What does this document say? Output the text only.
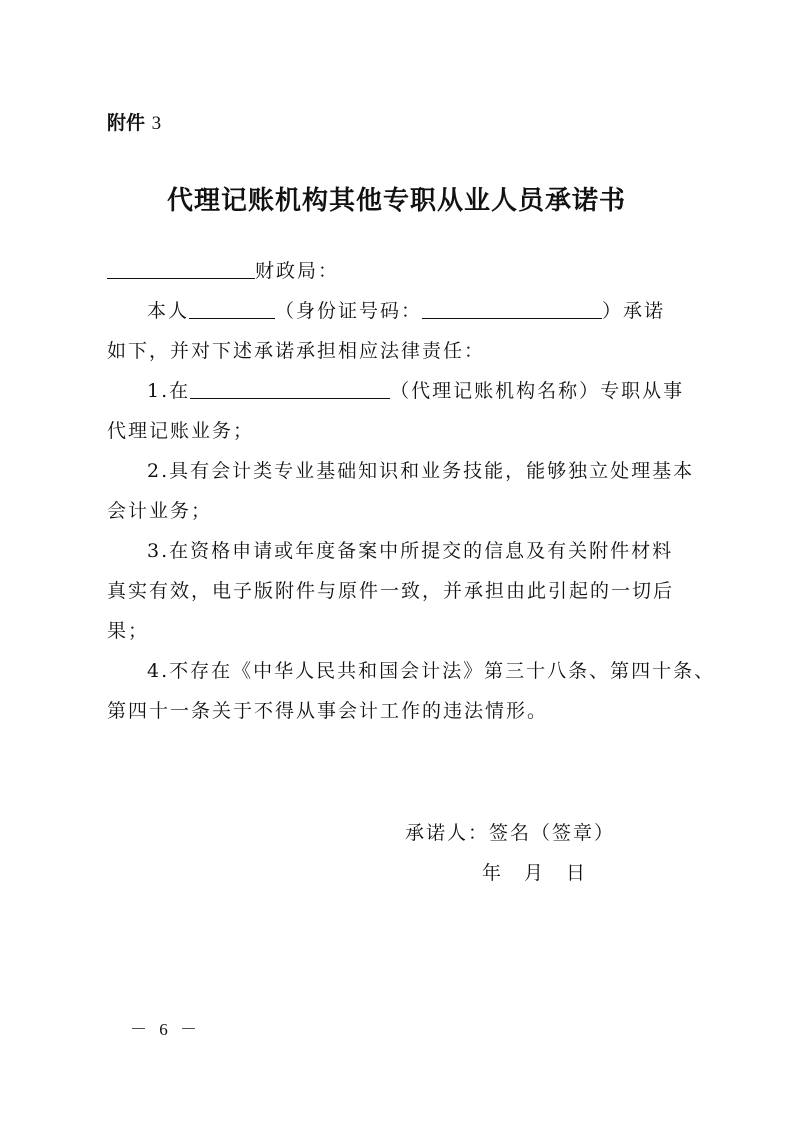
附件 3
代理记账机构其他专职从业人员承诺书
财政局：
本人	（身份证号码：	）承诺
如下，并对下述承诺承担相应法律责任：
1.在	（代理记账机构名称）专职从事
代理记账业务；
2.具有会计类专业基础知识和业务技能，能够独立处理基本
会计业务；
3.在资格申请或年度备案中所提交的信息及有关附件材料
真实有效，电子版附件与原件一致，并承担由此引起的一切后
果；
4.不存在《中华人民共和国会计法》第三十八条、第四十条、
第四十一条关于不得从事会计工作的违法情形。
承诺人：签名（签章）
年　月　日
－ 6 －
